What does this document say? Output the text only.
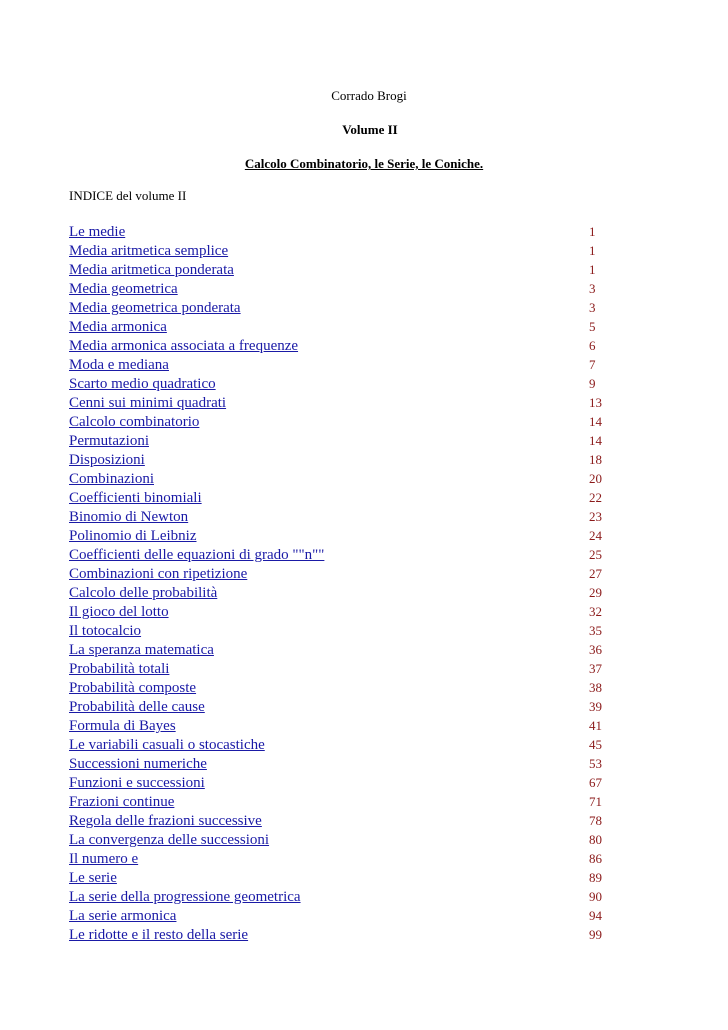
Corrado Brogi
Volume II
Calcolo Combinatorio, le Serie, le Coniche.
INDICE del volume II
Le medie	1
Media aritmetica semplice	1
Media aritmetica ponderata	1
Media geometrica	3
Media geometrica ponderata	3
Media armonica	5
Media armonica associata a frequenze	6
Moda e mediana	7
Scarto medio quadratico	9
Cenni sui minimi quadrati	13
Calcolo combinatorio	14
Permutazioni	14
Disposizioni	18
Combinazioni	20
Coefficienti binomiali	22
Binomio di Newton	23
Polinomio di Leibniz	24
Coefficienti delle equazioni di grado ""n""	25
Combinazioni con ripetizione	27
Calcolo delle probabilità	29
Il gioco del lotto	32
Il totocalcio	35
La speranza matematica	36
Probabilità totali	37
Probabilità composte	38
Probabilità delle cause	39
Formula di Bayes	41
Le variabili casuali o stocastiche	45
Successioni numeriche	53
Funzioni e successioni	67
Frazioni continue	71
Regola delle frazioni successive	78
La convergenza delle successioni	80
Il numero e	86
Le serie	89
La serie della progressione geometrica	90
La serie armonica	94
Le ridotte e il resto della serie	99
